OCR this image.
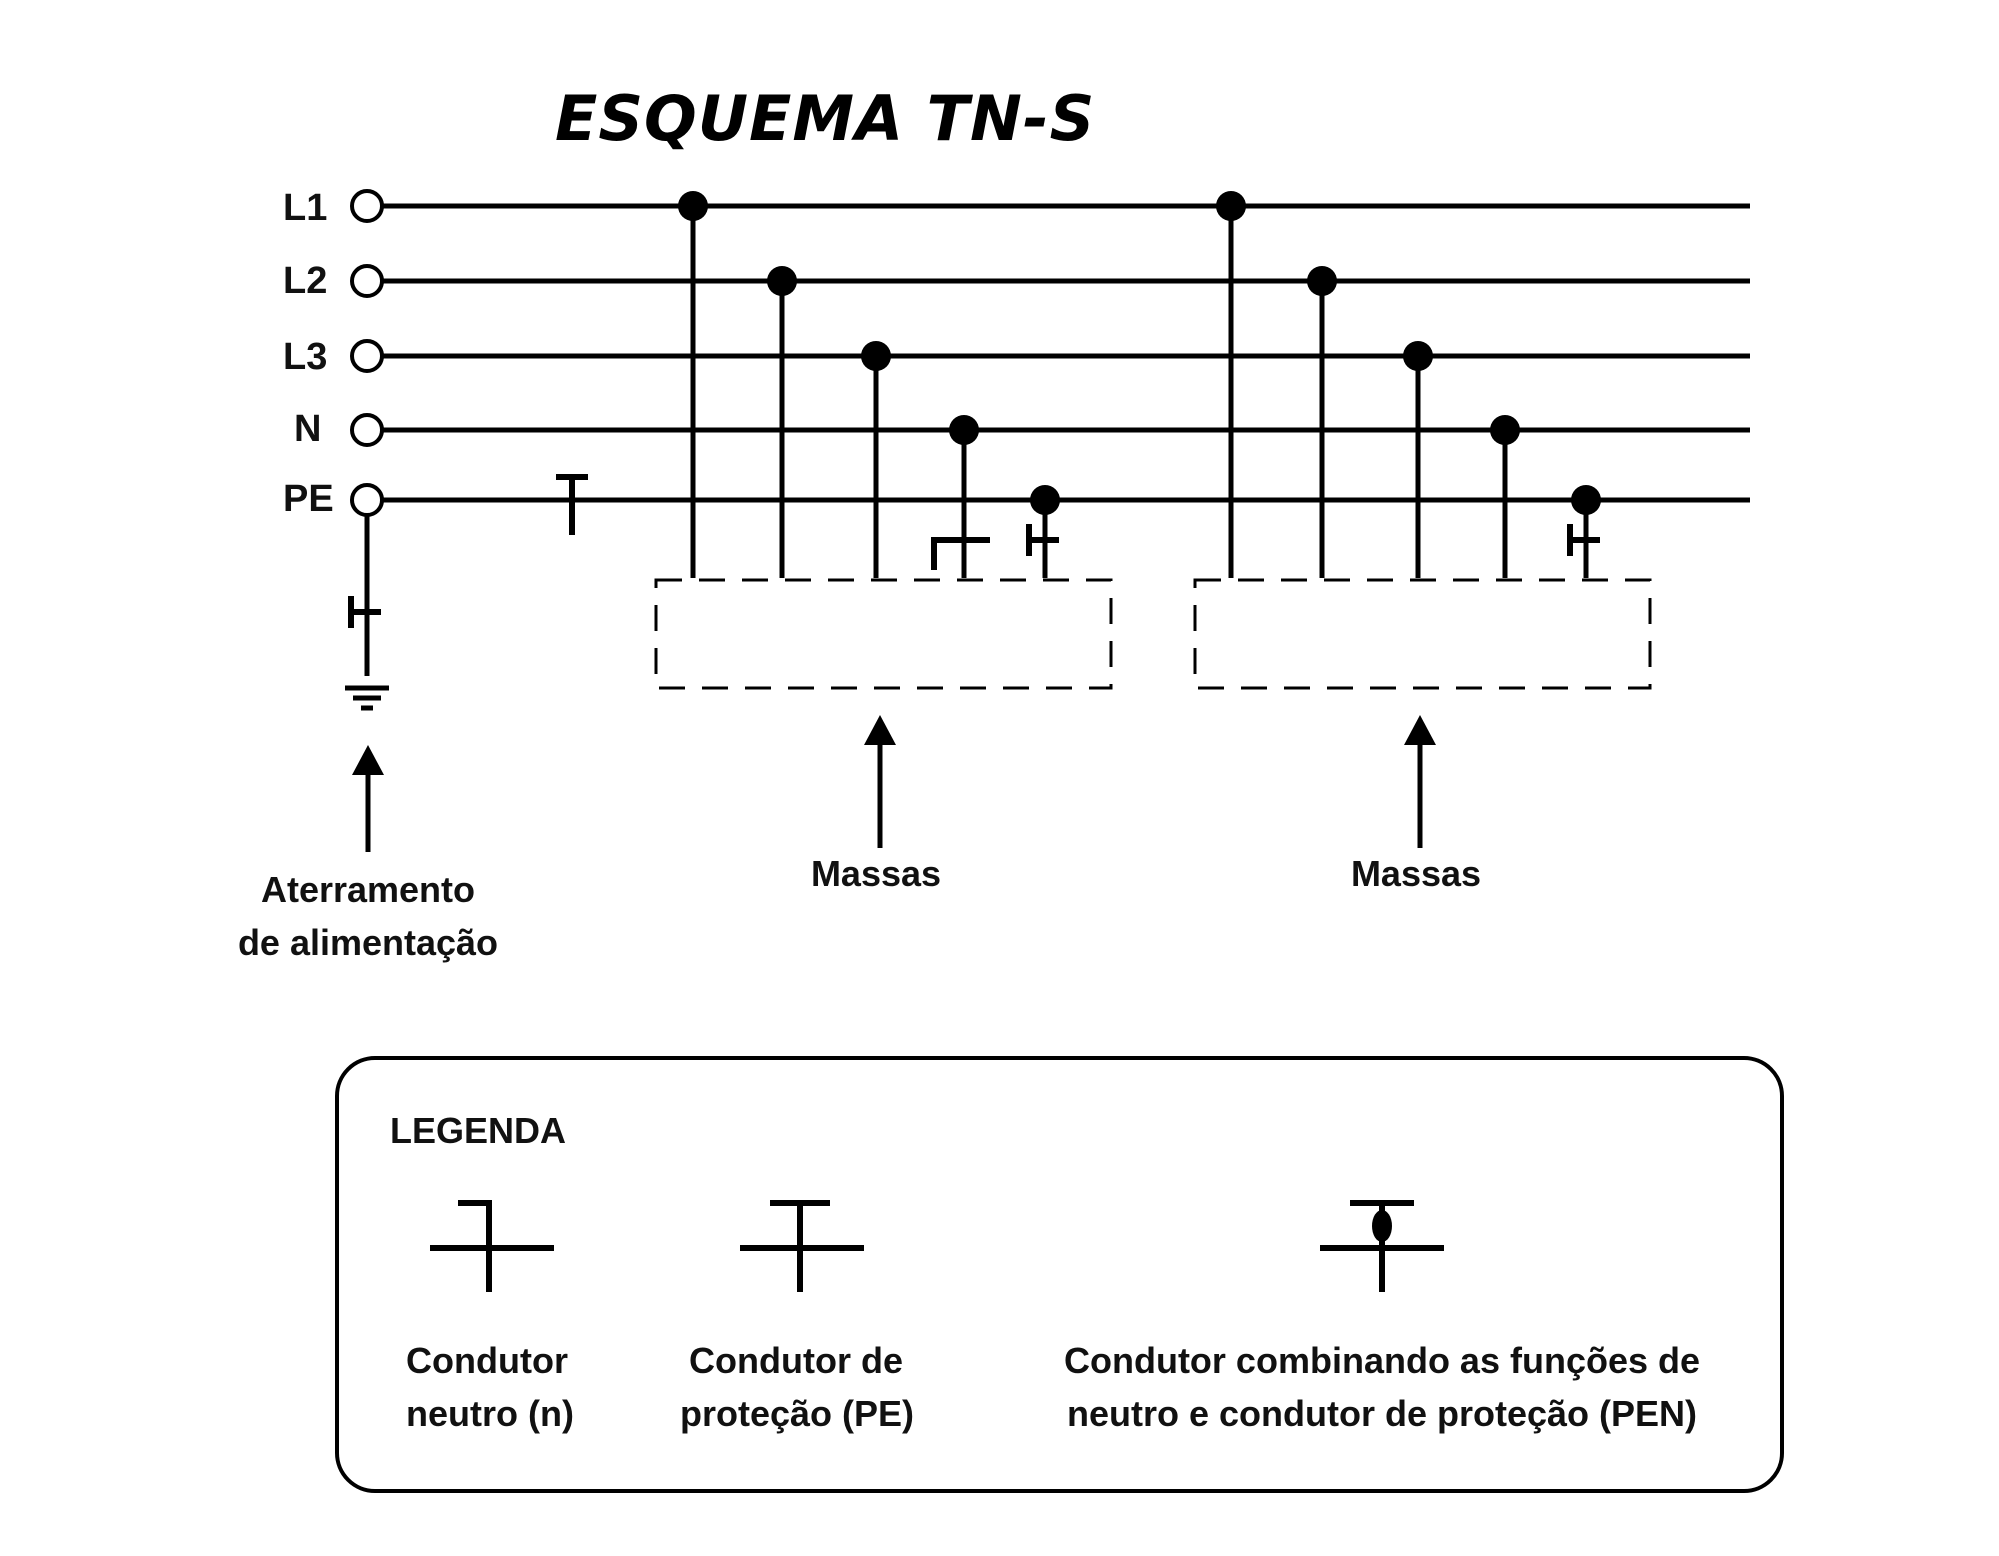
ESQUEMA TN-S
L1
L2
L3
N
PE
Aterramento
de alimentação
Massas	Massas
LEGENDA
Condutor
neutro (n)
Condutor de
proteção (PE)
Condutor combinando as funções de
neutro e condutor de proteção (PEN)
